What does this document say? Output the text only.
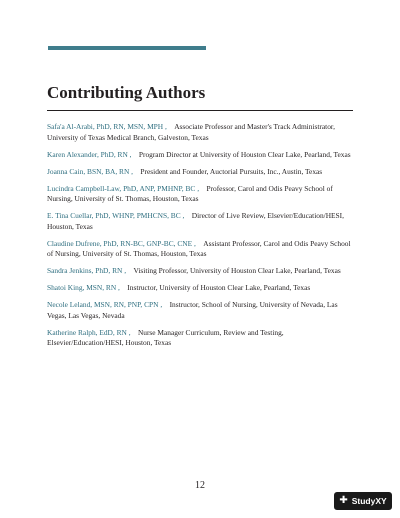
Contributing Authors
Safa'a Al-Arabi, PhD, RN, MSN, MPH , Associate Professor and Master's Track Administrator, University of Texas Medical Branch, Galveston, Texas
Karen Alexander, PhD, RN , Program Director at University of Houston Clear Lake, Pearland, Texas
Joanna Cain, BSN, BA, RN , President and Founder, Auctorial Pursuits, Inc., Austin, Texas
Lucindra Campbell-Law, PhD, ANP, PMHNP, BC , Professor, Carol and Odis Peavy School of Nursing, University of St. Thomas, Houston, Texas
E. Tina Cuellar, PhD, WHNP, PMHCNS, BC , Director of Live Review, Elsevier/Education/HESI, Houston, Texas
Claudine Dufrene, PhD, RN-BC, GNP-BC, CNE , Assistant Professor, Carol and Odis Peavy School of Nursing, University of St. Thomas, Houston, Texas
Sandra Jenkins, PhD, RN , Visiting Professor, University of Houston Clear Lake, Pearland, Texas
Shatoi King, MSN, RN , Instructor, University of Houston Clear Lake, Pearland, Texas
Necole Leland, MSN, RN, PNP, CPN , Instructor, School of Nursing, University of Nevada, Las Vegas, Las Vegas, Nevada
Katherine Ralph, EdD, RN , Nurse Manager Curriculum, Review and Testing, Elsevier/Education/HESI, Houston, Texas
12
✚ StudyXY
